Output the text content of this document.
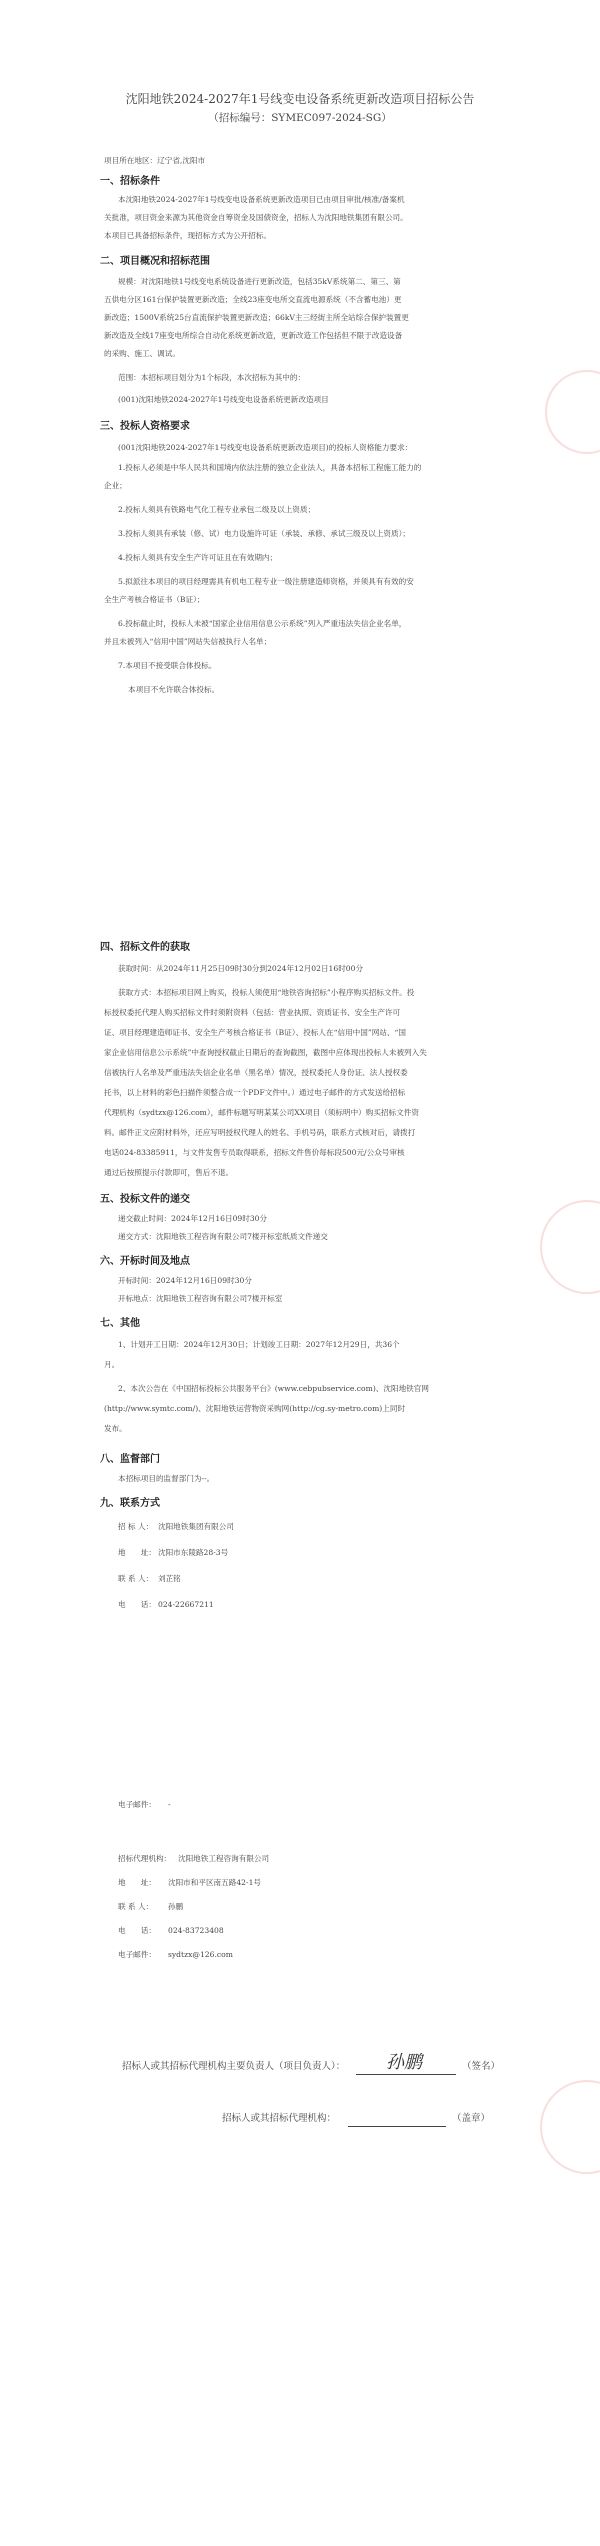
沈阳地铁2024-2027年1号线变电设备系统更新改造项目招标公告
（招标编号：SYMEC097-2024-SG）
项目所在地区：辽宁省,沈阳市
一、招标条件
本沈阳地铁2024-2027年1号线变电设备系统更新改造项目已由项目审批/核准/备案机
关批准，项目资金来源为其他资金自筹资金及国债资金，招标人为沈阳地铁集团有限公司。
本项目已具备招标条件，现招标方式为公开招标。
二、项目概况和招标范围
规模：对沈阳地铁1号线变电系统设备进行更新改造，包括35kV系统第二、第三、第
五供电分区161台保护装置更新改造；全线23座变电所交直流电源系统（不含蓄电池）更
新改造；1500V系统25台直流保护装置更新改造；66kV主三经街主所全站综合保护装置更
新改造及全线17座变电所综合自动化系统更新改造，更新改造工作包括但不限于改造设备
的采购、施工、调试。
范围：本招标项目划分为1个标段，本次招标为其中的：
(001)沈阳地铁2024-2027年1号线变电设备系统更新改造项目
三、投标人资格要求
(001沈阳地铁2024-2027年1号线变电设备系统更新改造项目)的投标人资格能力要求：
1.投标人必须是中华人民共和国境内依法注册的独立企业法人，具备本招标工程施工能力的
企业；
2.投标人须具有铁路电气化工程专业承包二级及以上资质；
3.投标人须具有承装（修、试）电力设施许可证（承装、承修、承试三级及以上资质）；
4.投标人须具有安全生产许可证且在有效期内；
5.拟派往本项目的项目经理需具有机电工程专业一级注册建造师资格，并须具有有效的安
全生产考核合格证书（B证）；
6.投标截止时，投标人未被“国家企业信用信息公示系统”列入严重违法失信企业名单，
并且未被列入“信用中国”网站失信被执行人名单；
7.本项目不接受联合体投标。
本项目不允许联合体投标。
四、招标文件的获取
获取时间：从2024年11月25日09时30分到2024年12月02日16时00分
获取方式：本招标项目网上购买，投标人须使用“地铁咨询招标”小程序购买招标文件。投
标授权委托代理人购买招标文件时须附资料（包括：营业执照、资质证书、安全生产许可
证、项目经理建造师证书、安全生产考核合格证书（B证）、投标人在“信用中国”网站、“国
家企业信用信息公示系统”中查询授权截止日期后的查询截图，截图中应体现出投标人未被列入失
信被执行人名单及严重违法失信企业名单（黑名单）情况，授权委托人身份证、法人授权委
托书，以上材料的彩色扫描件须整合成一个PDF文件中。）通过电子邮件的方式发送给招标
代理机构（sydtzx@126.com），邮件标题写明某某公司XX项目（须标明中）购买招标文件资
料。邮件正文应附材料外，还应写明授权代理人的姓名、手机号码，联系方式核对后，请拨打
电话024-83385911，与文件发售专员取得联系，招标文件售价每标段500元/公众号审核
通过后按照提示付款即可，售后不退。
五、投标文件的递交
递交截止时间：2024年12月16日09时30分
递交方式：沈阳地铁工程咨询有限公司7楼开标室纸质文件递交
六、开标时间及地点
开标时间：2024年12月16日09时30分
开标地点：沈阳地铁工程咨询有限公司7楼开标室
七、其他
1、计划开工日期：2024年12月30日；计划竣工日期：2027年12月29日，共36个
月。
2、本次公告在《中国招标投标公共服务平台》(www.cebpubservice.com)、沈阳地铁官网
(http://www.symtc.com/)、沈阳地铁运营物资采购网(http://cg.sy-metro.com)上同时
发布。
八、监督部门
本招标项目的监督部门为--。
九、联系方式
招 标 人： 沈阳地铁集团有限公司
地　　址： 沈阳市东陵路28-3号
联 系 人： 刘芷铭
电　　话： 024-22667211
电子邮件： -
招标代理机构： 沈阳地铁工程咨询有限公司
地　　址： 沈阳市和平区南五路42-1号
联 系 人： 孙鹏
电　　话： 024-83723408
电子邮件： sydtzx@126.com
招标人或其招标代理机构主要负责人（项目负责人）： 孙鹏	（签名）
招标人或其招标代理机构：	（盖章）
